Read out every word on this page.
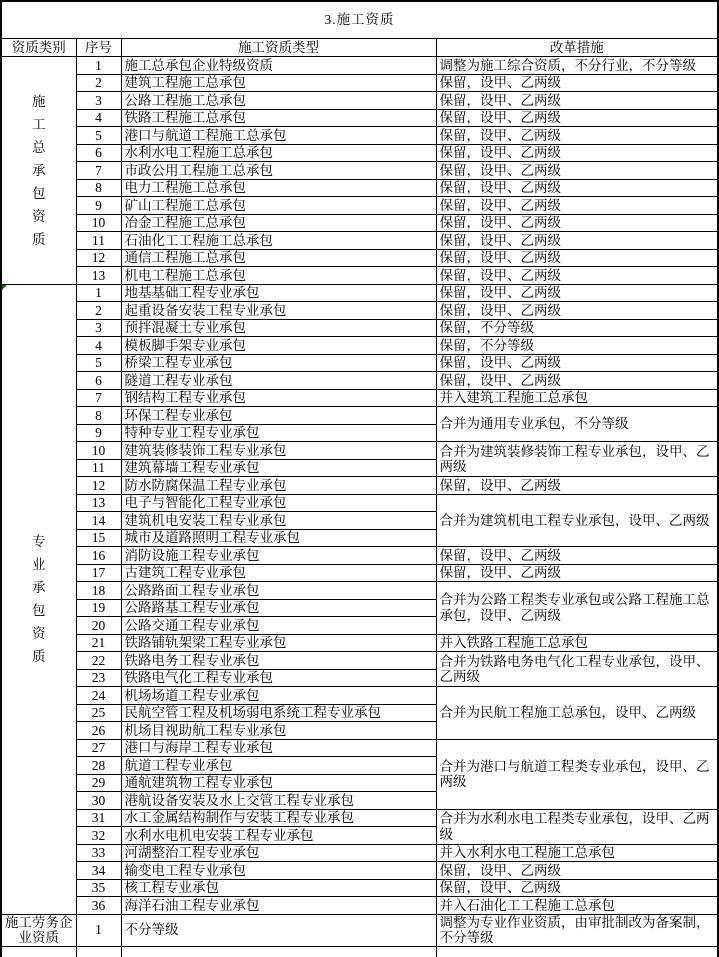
3.施工资质			
资质类别	序号	施工资质类型	改革措施

施工总承包资质	1	施工总承包企业特级资质	调整为施工综合资质，不分行业，不分等级
	2	建筑工程施工总承包	保留，设甲、乙两级
	3	公路工程施工总承包	保留，设甲、乙两级
	4	铁路工程施工总承包	保留，设甲、乙两级
	5	港口与航道工程施工总承包	保留，设甲、乙两级
	6	水利水电工程施工总承包	保留，设甲、乙两级
	7	市政公用工程施工总承包	保留，设甲、乙两级
	8	电力工程施工总承包	保留，设甲、乙两级
	9	矿山工程施工总承包	保留，设甲、乙两级
	10	冶金工程施工总承包	保留，设甲、乙两级
	11	石油化工工程施工总承包	保留，设甲、乙两级
	12	通信工程施工总承包	保留，设甲、乙两级
	13	机电工程施工总承包	保留，设甲、乙两级

专业承包资质	1	地基基础工程专业承包	保留，设甲、乙两级
	2	起重设备安装工程专业承包	保留，设甲、乙两级
	3	预拌混凝土专业承包	保留，不分等级
	4	模板脚手架专业承包	保留，不分等级
	5	桥梁工程专业承包	保留，设甲、乙两级
	6	隧道工程专业承包	保留，设甲、乙两级
	7	钢结构工程专业承包	并入建筑工程施工总承包
	8	环保工程专业承包	合并为通用专业承包，不分等级
	9	特种专业工程专业承包	
	10	建筑装修装饰工程专业承包	合并为建筑装修装饰工程专业承包，设甲、乙两级
	11	建筑幕墙工程专业承包	
	12	防水防腐保温工程专业承包	保留，设甲、乙两级
	13	电子与智能化工程专业承包	合并为建筑机电工程专业承包，设甲、乙两级
	14	建筑机电安装工程专业承包	
	15	城市及道路照明工程专业承包	
	16	消防设施工程专业承包	保留，设甲、乙两级
	17	古建筑工程专业承包	保留，设甲、乙两级
	18	公路路面工程专业承包	合并为公路工程类专业承包或公路工程施工总承包，设甲、乙两级
	19	公路路基工程专业承包	
	20	公路交通工程专业承包	
	21	铁路铺轨架梁工程专业承包	并入铁路工程施工总承包
	22	铁路电务工程专业承包	合并为铁路电务电气化工程专业承包，设甲、乙两级
	23	铁路电气化工程专业承包	
	24	机场场道工程专业承包	合并为民航工程施工总承包，设甲、乙两级
	25	民航空管工程及机场弱电系统工程专业承包	
	26	机场目视助航工程专业承包	
	27	港口与海岸工程专业承包	合并为港口与航道工程类专业承包，设甲、乙两级
	28	航道工程专业承包	
	29	通航建筑物工程专业承包	
	30	港航设备安装及水上交管工程专业承包	
	31	水工金属结构制作与安装工程专业承包	合并为水利水电工程类专业承包，设甲、乙两级
	32	水利水电机电安装工程专业承包	
	33	河湖整治工程专业承包	并入水利水电工程施工总承包
	34	输变电工程专业承包	保留，设甲、乙两级
	35	核工程专业承包	保留，设甲、乙两级
	36	海洋石油工程专业承包	并入石油化工工程施工总承包

施工劳务企业资质	1	不分等级	调整为专业作业资质，由审批制改为备案制，不分等级
